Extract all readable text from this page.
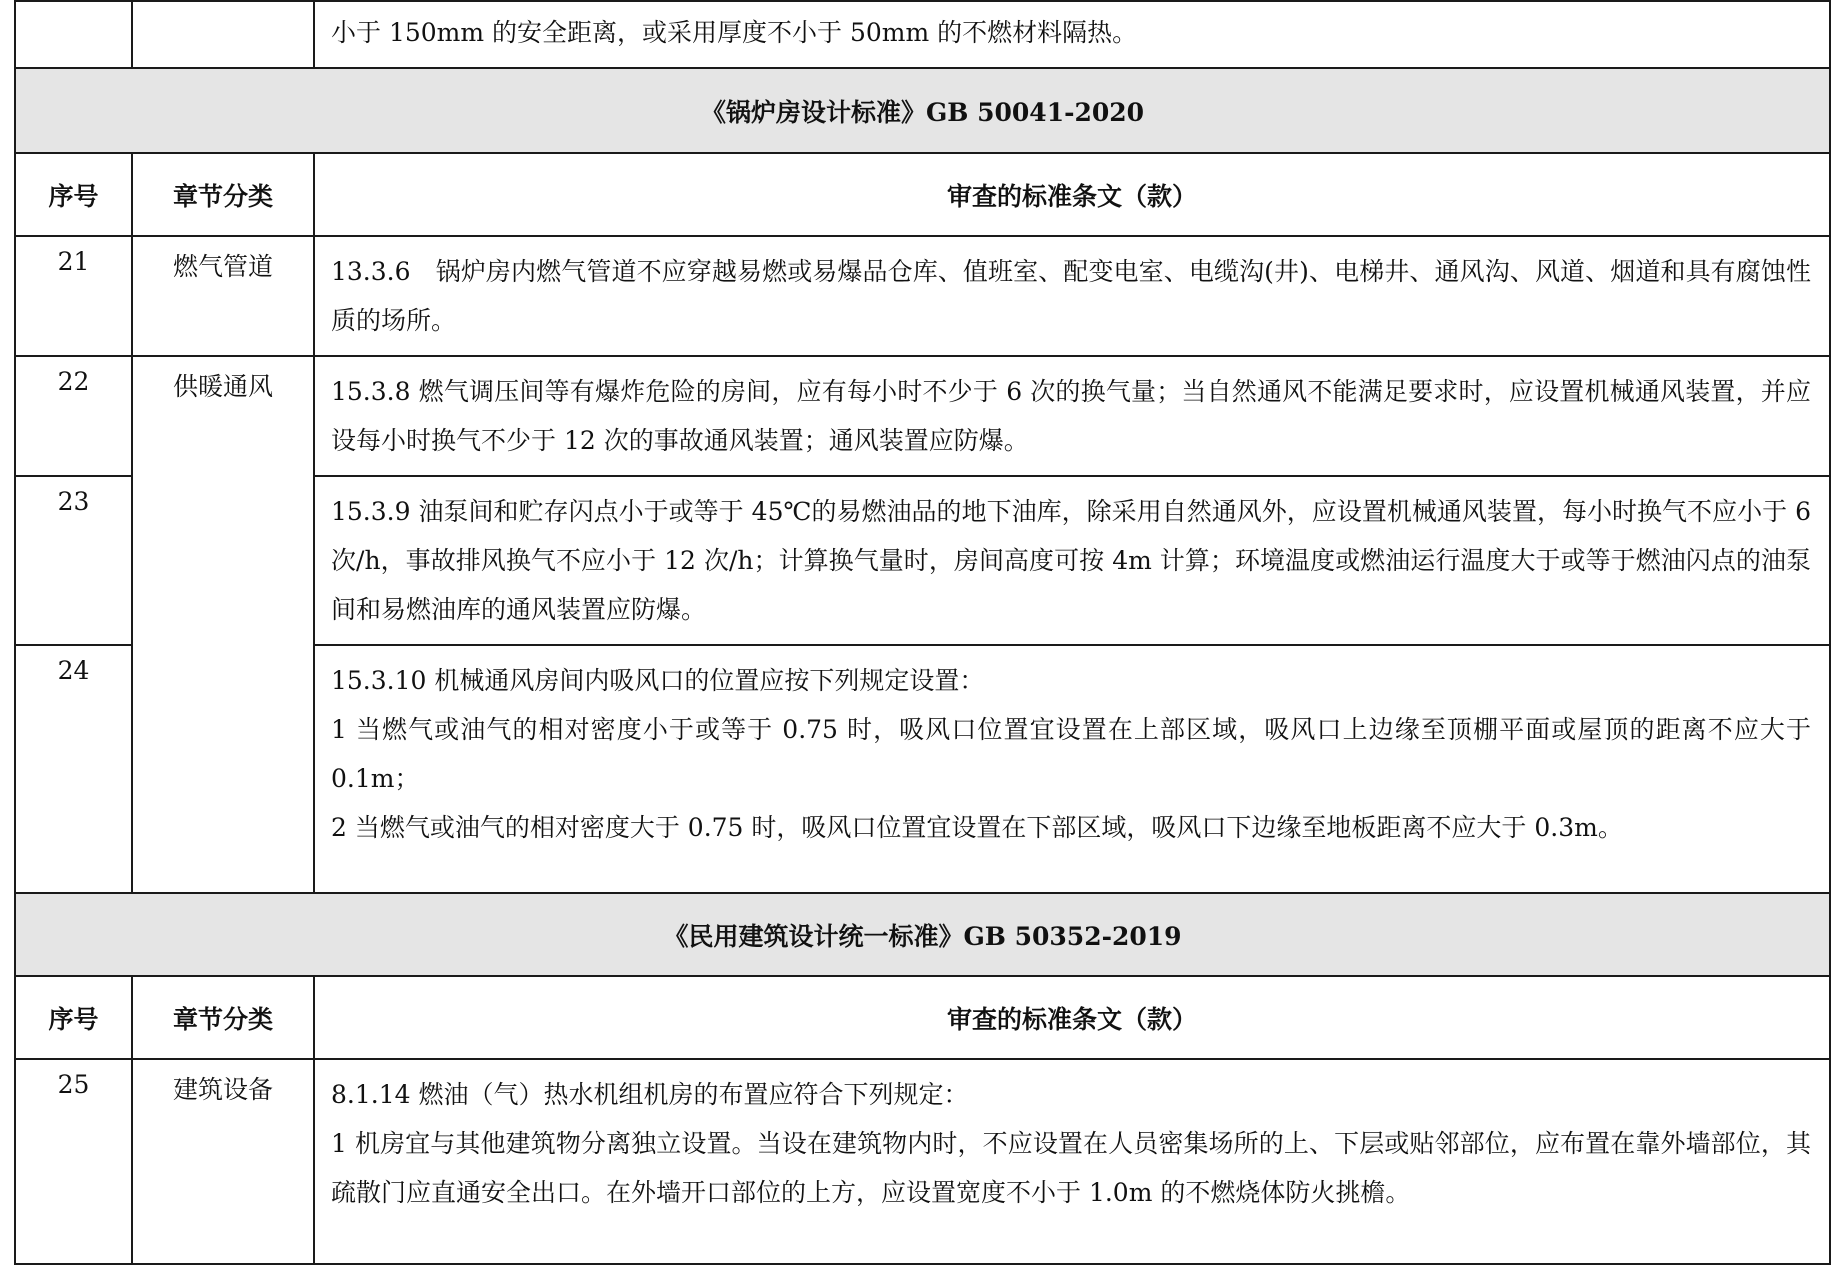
		小于 150mm 的安全距离，或采用厚度不小于 50mm 的不燃材料隔热。
《锅炉房设计标准》GB 50041-2020		
序号	章节分类	审查的标准条文（款）
21	燃气管道	13.3.6　锅炉房内燃气管道不应穿越易燃或易爆品仓库、值班室、配变电室、电缆沟(井)、电梯井、通风沟、风道、烟道和具有腐蚀性质的场所。

22	供暖通风	15.3.8 燃气调压间等有爆炸危险的房间，应有每小时不少于 6 次的换气量；当自然通风不能满足要求时，应设置机械通风装置，并应设每小时换气不少于 12 次的事故通风装置；通风装置应防爆。

23		15.3.9 油泵间和贮存闪点小于或等于 45℃的易燃油品的地下油库，除采用自然通风外，应设置机械通风装置，每小时换气不应小于 6 次/h，事故排风换气不应小于 12 次/h；计算换气量时，房间高度可按 4m 计算；环境温度或燃油运行温度大于或等于燃油闪点的油泵间和易燃油库的通风装置应防爆。

24		15.3.10 机械通风房间内吸风口的位置应按下列规定设置：
1 当燃气或油气的相对密度小于或等于 0.75 时，吸风口位置宜设置在上部区域，吸风口上边缘至顶棚平面或屋顶的距离不应大于 0.1m；
2 当燃气或油气的相对密度大于 0.75 时，吸风口位置宜设置在下部区域，吸风口下边缘至地板距离不应大于 0.3m。

《民用建筑设计统一标准》GB 50352-2019		
序号	章节分类	审查的标准条文（款）
25	建筑设备	8.1.14 燃油（气）热水机组机房的布置应符合下列规定：
1 机房宜与其他建筑物分离独立设置。当设在建筑物内时，不应设置在人员密集场所的上、下层或贴邻部位，应布置在靠外墙部位，其疏散门应直通安全出口。在外墙开口部位的上方，应设置宽度不小于 1.0m 的不燃烧体防火挑檐。
